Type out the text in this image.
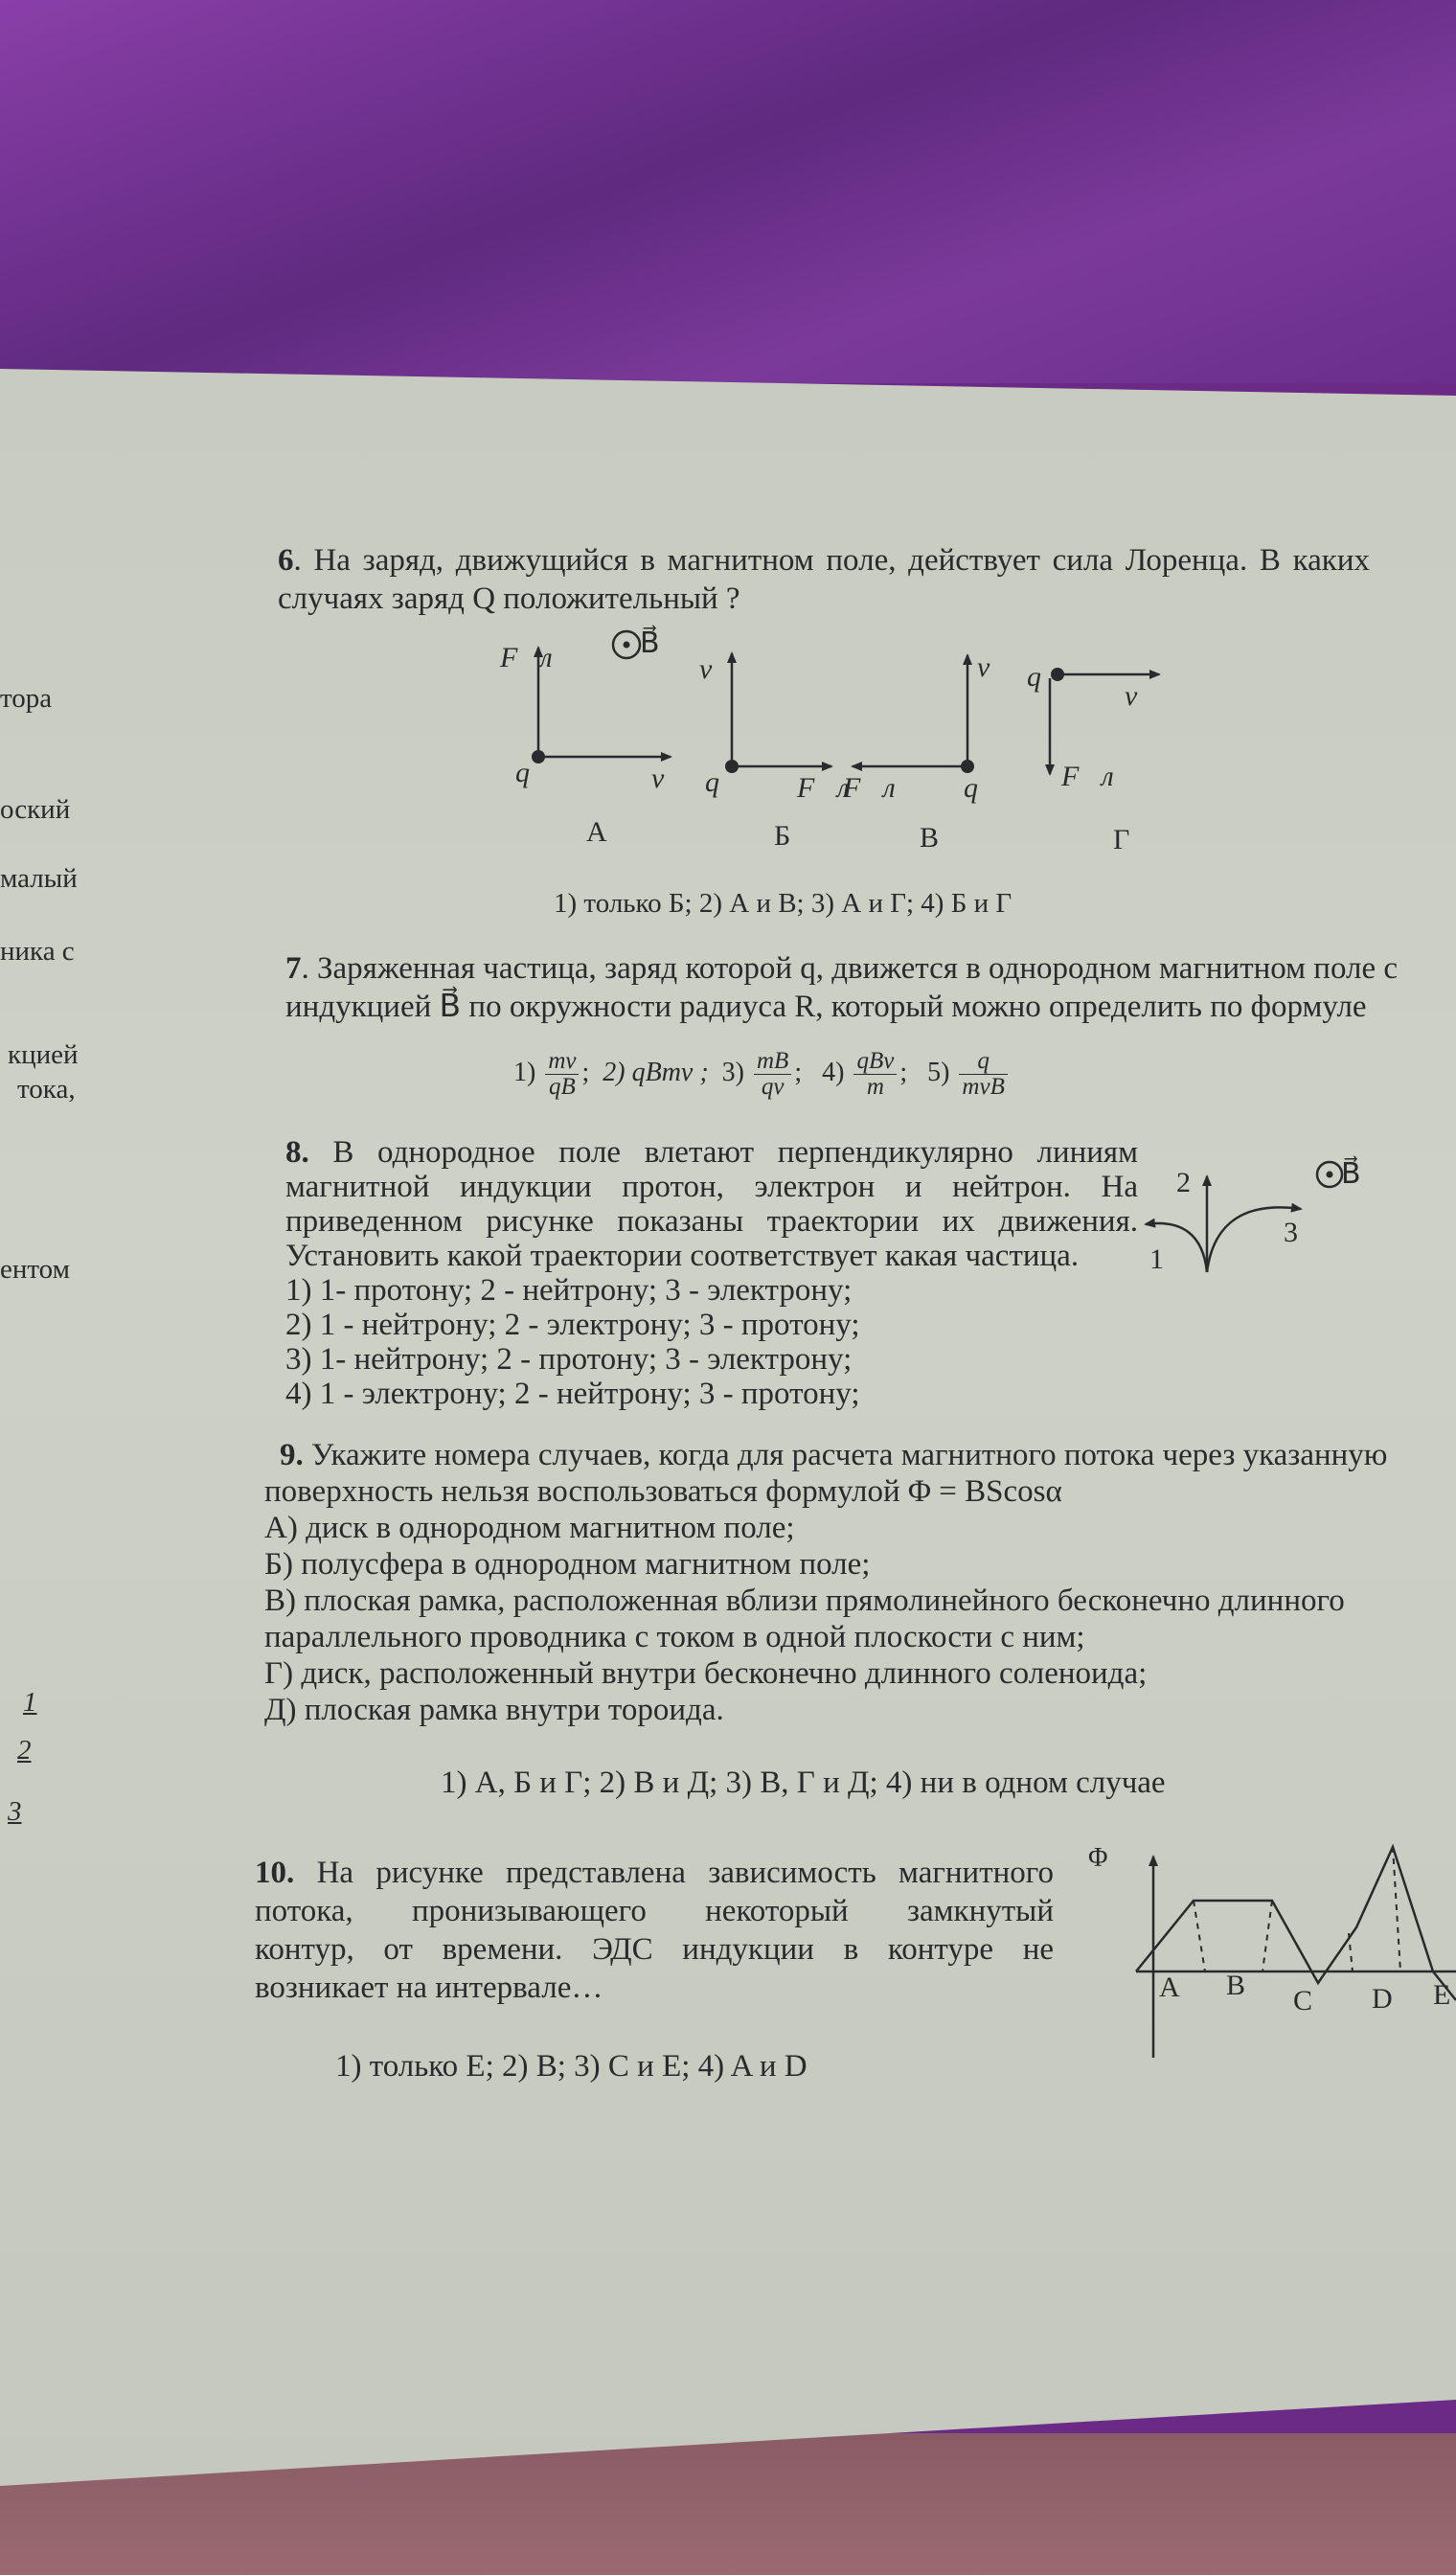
тора
оский
малый
ника с
кцией
тока,
ентом
1
2
3
6. На заряд, движущийся в магнитном поле, действует сила Лоренца. В каких
случаях заряд Q положительный ?
B⃗
F⃗л
q	v⃗
v⃗
q	F⃗л
F⃗л q
v⃗ q
v⃗
F⃗л
А	Б	В	Г
1) только Б; 2) А и В; 3) А и Г; 4) Б и Г
7. Заряженная частица, заряд которой q, движется в однородном магнитном поле с
индукцией B⃗ по окружности радиуса R, который можно определить по формуле
$1) \frac{mv}{qB}$ ; 2) qBmv ; $3) \frac{mB}{qv}$ ; $4) \frac{\text{qBv}}{m}$ ; $5) \frac{q}{\text{mvB}}$
8. В однородное поле влетают перпендикулярно линиям
магнитной индукции протон, электрон и нейтрон. На
приведенном рисунке показаны траектории их движения.
Установить какой траектории соответствует какая частица.
1) 1- протону; 2 - нейтрону; 3 - электрону;
2) 1 - нейтрону; 2 - электрону; 3 - протону;
3) 1- нейтрону; 2 - протону; 3 - электрону;
4) 1 - электрону; 2 - нейтрону; 3 - протону;
1
2
3
B⃗
9. Укажите номера случаев, когда для расчета магнитного потока через указанную
поверхность нельзя воспользоваться формулой Φ = BScosα
А) диск в однородном магнитном поле;
Б) полусфера в однородном магнитном поле;
В) плоская рамка, расположенная вблизи прямолинейного бесконечно длинного
параллельного проводника с током в одной плоскости с ним;
Г) диск, расположенный внутри бесконечно длинного соленоида;
Д) плоская рамка внутри тороида.
1) А, Б и Г; 2) В и Д; 3) В, Г и Д; 4) ни в одном случае
10. На рисунке представлена зависимость магнитного
потока, пронизывающего некоторый замкнутый
контур, от времени. ЭДС индукции в контуре не
возникает на интервале…
1) только E; 2) B; 3) C и E; 4) A и D
Φ
A B C D E
